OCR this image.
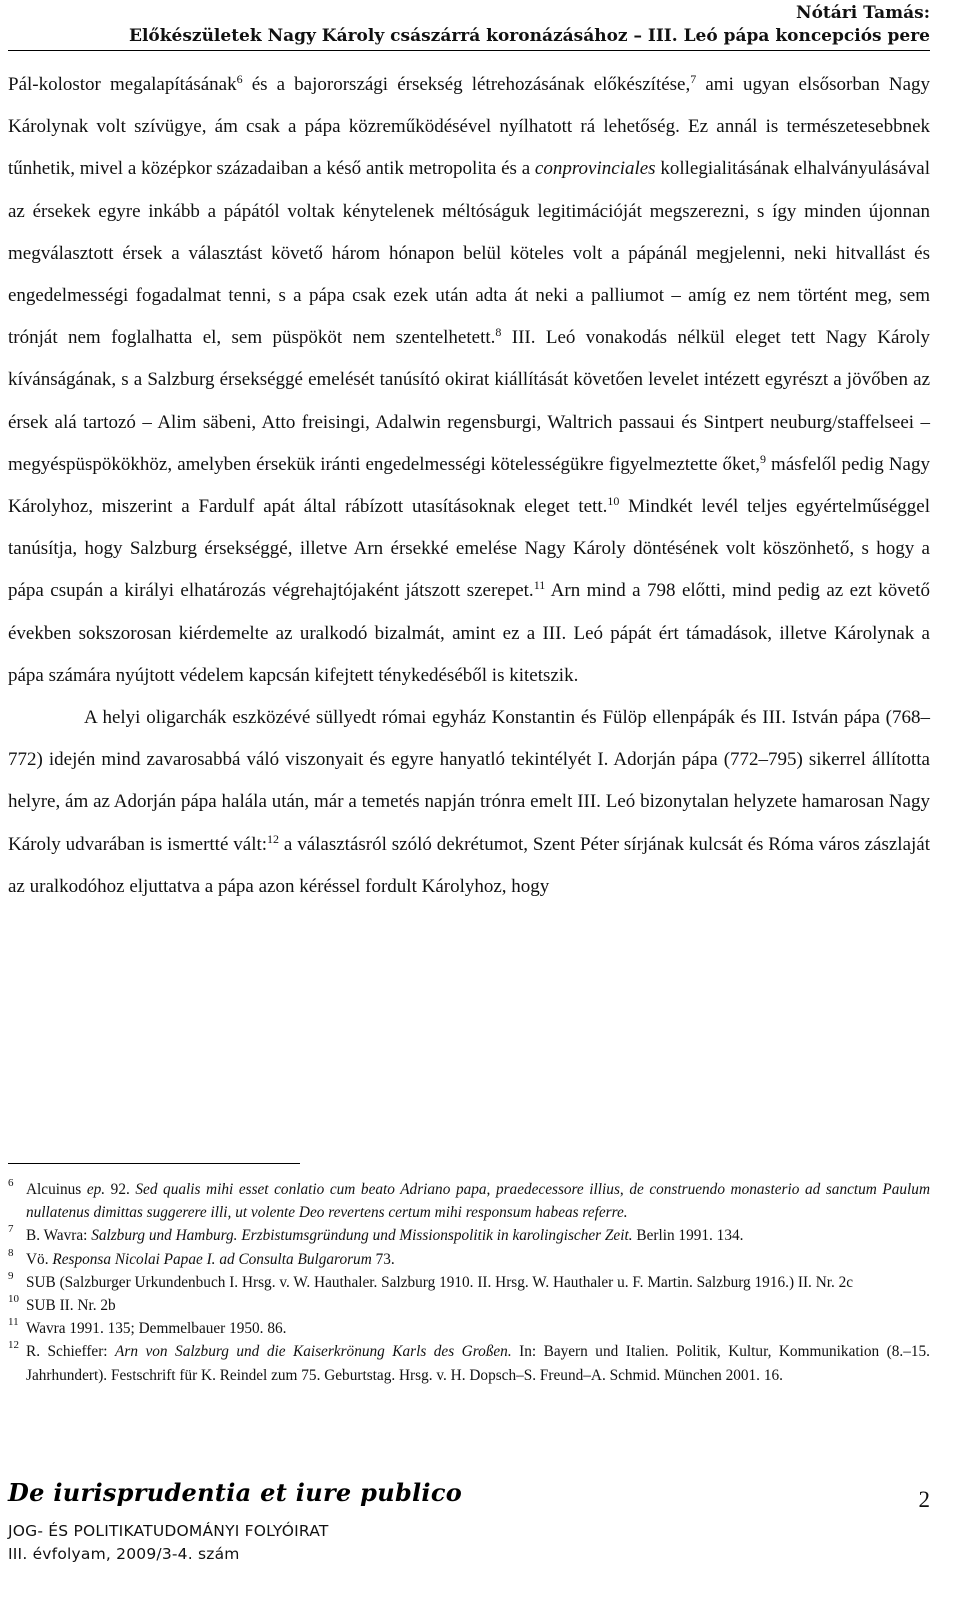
Nótári Tamás:
Előkészületek Nagy Károly császárrá koronázásához – III. Leó pápa koncepciós pere

Pál-kolostor megalapításának$^6$ és a bajorországi érsekség létrehozásának előkészítése,$^7$ ami ugyan elsősorban Nagy Károlynak volt szívügye, ám csak a pápa közreműködésével nyílhatott rá lehetőség. Ez annál is természetesebbnek tűnhetik, mivel a középkor századaiban a késő antik metropolita és a conprovinciales kollegialitásának elhalványulásával az érsekek egyre inkább a pápától voltak kénytelenek méltóságuk legitimációját megszerezni, s így minden újonnan megválasztott érsek a választást követő három hónapon belül köteles volt a pápánál megjelenni, neki hitvallást és engedelmességi fogadalmat tenni, s a pápa csak ezek után adta át neki a palliumot – amíg ez nem történt meg, sem trónját nem foglalhatta el, sem püspököt nem szentelhetett.$^8$ III. Leó vonakodás nélkül eleget tett Nagy Károly kívánságának, s a Salzburg érsekséggé emelését tanúsító okirat kiállítását követően levelet intézett egyrészt a jövőben az érsek alá tartozó – Alim säbeni, Atto freisingi, Adalwin regensburgi, Waltrich passaui és Sintpert neuburg/staffelseei – megyéspüspökökhöz, amelyben érsekük iránti engedelmességi kötelességükre figyelmeztette őket,$^9$ másfelől pedig Nagy Károlyhoz, miszerint a Fardulf apát által rábízott utasításoknak eleget tett.$^{10}$ Mindkét levél teljes egyértelműséggel tanúsítja, hogy Salzburg érsekséggé, illetve Arn érsekké emelése Nagy Károly döntésének volt köszönhető, s hogy a pápa csupán a királyi elhatározás végrehajtójaként játszott szerepet.$^{11}$ Arn mind a 798 előtti, mind pedig az ezt követő években sokszorosan kiérdemelte az uralkodó bizalmát, amint ez a III. Leó pápát ért támadások, illetve Károlynak a pápa számára nyújtott védelem kapcsán kifejtett ténykedéséből is kitetszik.

A helyi oligarchák eszközévé süllyedt római egyház Konstantin és Fülöp ellenpápák és III. István pápa (768–772) idején mind zavarosabbá váló viszonyait és egyre hanyatló tekintélyét I. Adorján pápa (772–795) sikerrel állította helyre, ám az Adorján pápa halála után, már a temetés napján trónra emelt III. Leó bizonytalan helyzete hamarosan Nagy Károly udvarában is ismertté vált:$^{12}$ a választásról szóló dekrétumot, Szent Péter sírjának kulcsát és Róma város zászlaját az uralkodóhoz eljuttatva a pápa azon kéréssel fordult Károlyhoz, hogy

6 Alcuinus ep. 92. Sed qualis mihi esset conlatio cum beato Adriano papa, praedecessore illius, de construendo monasterio ad sanctum Paulum nullatenus dimittas suggerere illi, ut volente Deo revertens certum mihi responsum habeas referre.
7 B. Wavra: Salzburg und Hamburg. Erzbistumsgründung und Missionspolitik in karolingischer Zeit. Berlin 1991. 134.
8 Vö. Responsa Nicolai Papae I. ad Consulta Bulgarorum 73.
9 SUB (Salzburger Urkundenbuch I. Hrsg. v. W. Hauthaler. Salzburg 1910. II. Hrsg. W. Hauthaler u. F. Martin. Salzburg 1916.) II. Nr. 2c
10 SUB II. Nr. 2b
11 Wavra 1991. 135; Demmelbauer 1950. 86.
12 R. Schieffer: Arn von Salzburg und die Kaiserkrönung Karls des Großen. In: Bayern und Italien. Politik, Kultur, Kommunikation (8.–15. Jahrhundert). Festschrift für K. Reindel zum 75. Geburtstag. Hrsg. v. H. Dopsch–S. Freund–A. Schmid. München 2001. 16.
De iurisprudentia et iure publico
JOG- ÉS POLITIKATUDOMÁNYI FOLYÓIRAT
III. évfolyam, 2009/3-4. szám
2
